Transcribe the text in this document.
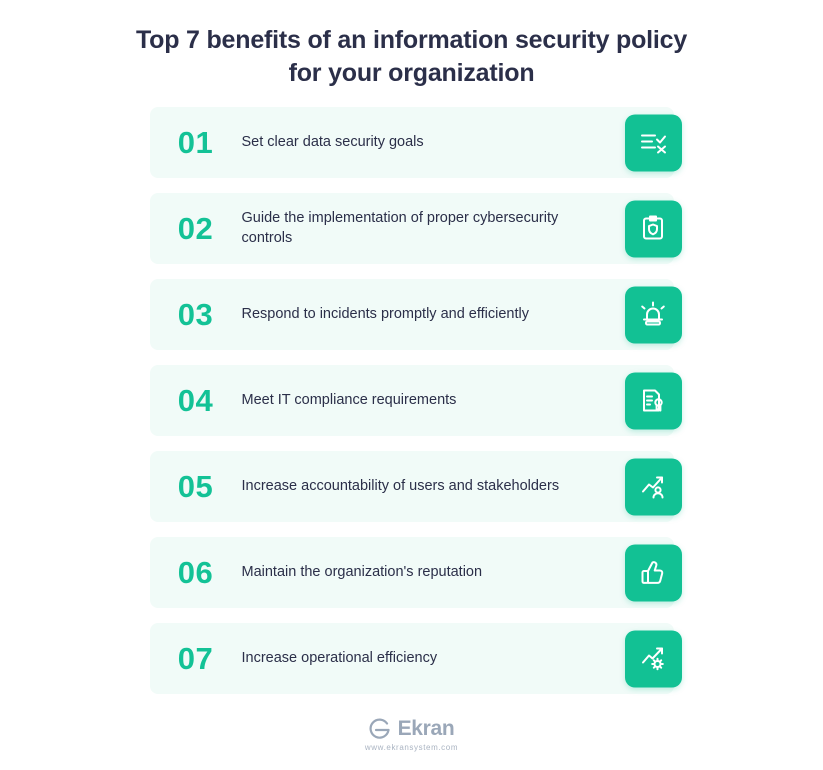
Top 7 benefits of an information security policy for your organization
01	Set clear data security goals
02	Guide the implementation of proper cybersecurity controls
03	Respond to incidents promptly and efficiently
04	Meet IT compliance requirements
05	Increase accountability of users and stakeholders
06	Maintain the organization's reputation
07	Increase operational efficiency
Ekran
www.ekransystem.com
